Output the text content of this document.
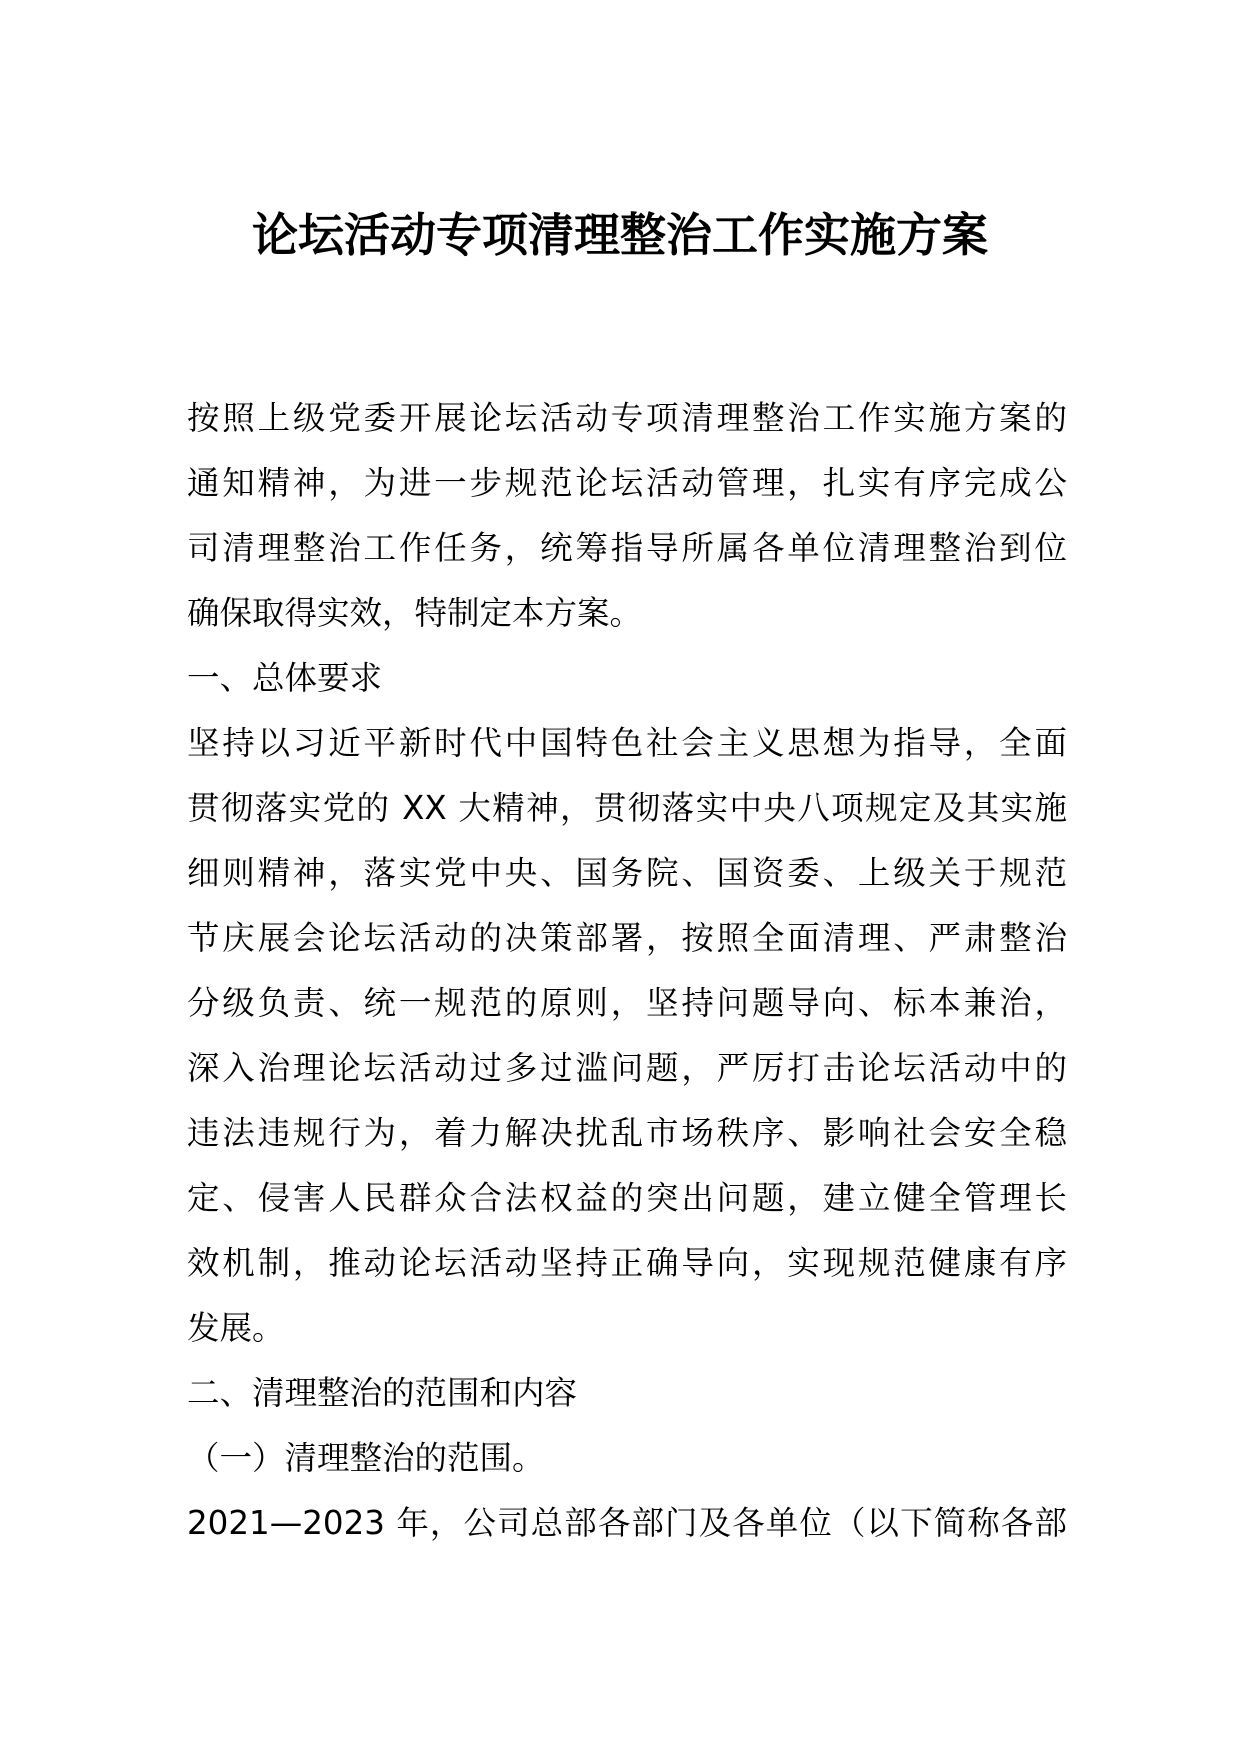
论坛活动专项清理整治工作实施方案
按照上级党委开展论坛活动专项清理整治工作实施方案的
通知精神，为进一步规范论坛活动管理，扎实有序完成公
司清理整治工作任务，统筹指导所属各单位清理整治到位
确保取得实效，特制定本方案。
一、总体要求
坚持以习近平新时代中国特色社会主义思想为指导，全面
贯彻落实党的 XX 大精神，贯彻落实中央八项规定及其实施
细则精神，落实党中央、国务院、国资委、上级关于规范
节庆展会论坛活动的决策部署，按照全面清理、严肃整治
分级负责、统一规范的原则，坚持问题导向、标本兼治，
深入治理论坛活动过多过滥问题，严厉打击论坛活动中的
违法违规行为，着力解决扰乱市场秩序、影响社会安全稳
定、侵害人民群众合法权益的突出问题，建立健全管理长
效机制，推动论坛活动坚持正确导向，实现规范健康有序
发展。
二、清理整治的范围和内容
（一）清理整治的范围。
2021—2023 年，公司总部各部门及各单位（以下简称各部
